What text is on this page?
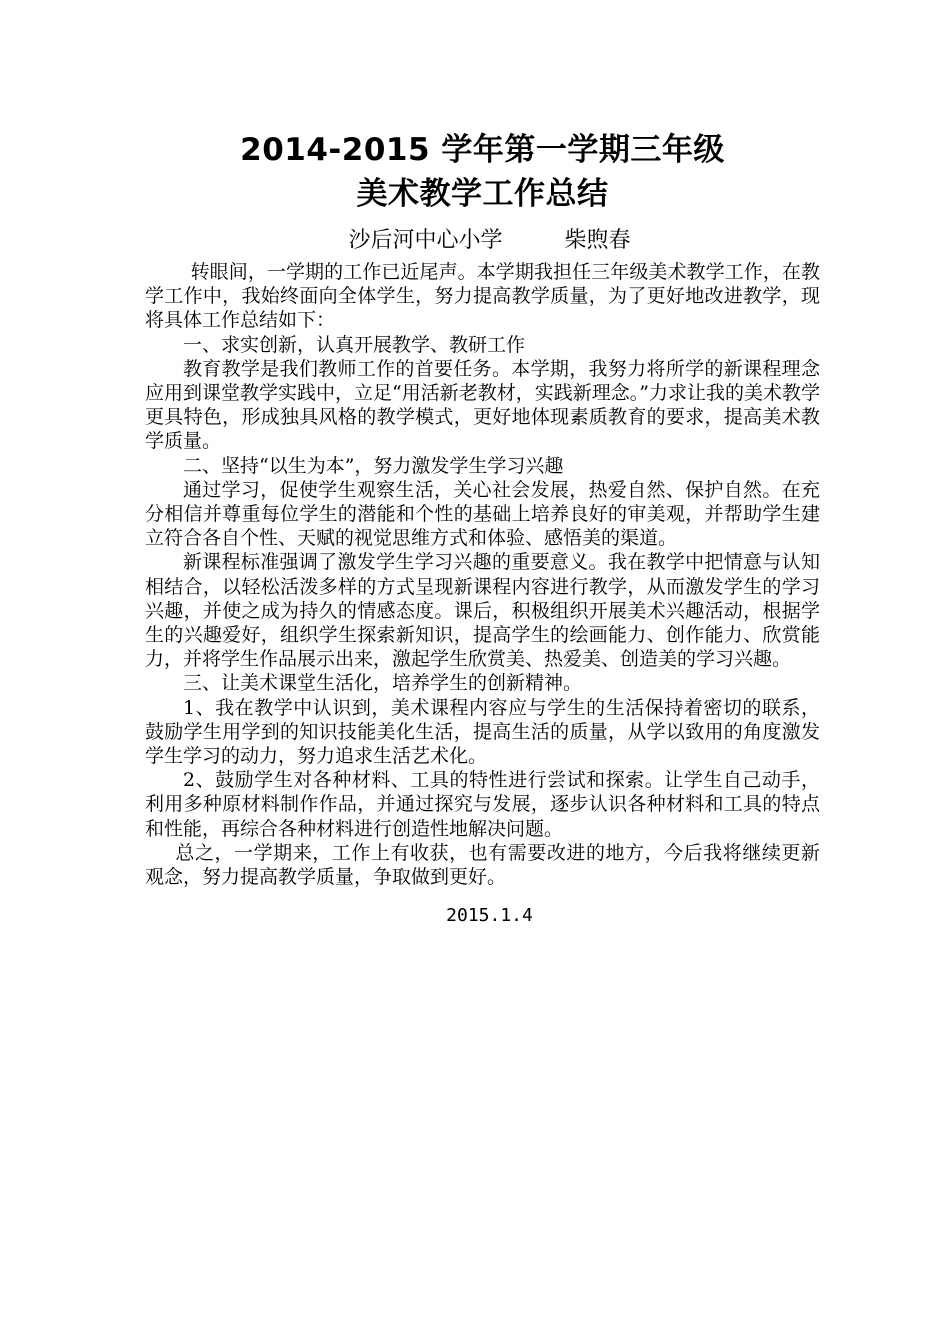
2014-2015 学年第一学期三年级
美术教学工作总结
沙后河中心小学	柴煦春

转眼间，一学期的工作已近尾声。本学期我担任三年级美术教学工作，在教学工作中，我始终面向全体学生，努力提高教学质量，为了更好地改进教学，现将具体工作总结如下：

一、求实创新，认真开展教学、教研工作

教育教学是我们教师工作的首要任务。本学期，我努力将所学的新课程理念应用到课堂教学实践中，立足“用活新老教材，实践新理念。”力求让我的美术教学更具特色，形成独具风格的教学模式，更好地体现素质教育的要求，提高美术教学质量。

二、坚持“以生为本”，努力激发学生学习兴趣

通过学习，促使学生观察生活，关心社会发展，热爱自然、保护自然。在充分相信并尊重每位学生的潜能和个性的基础上培养良好的审美观，并帮助学生建立符合各自个性、天赋的视觉思维方式和体验、感悟美的渠道。

新课程标准强调了激发学生学习兴趣的重要意义。我在教学中把情意与认知相结合，以轻松活泼多样的方式呈现新课程内容进行教学，从而激发学生的学习兴趣，并使之成为持久的情感态度。课后，积极组织开展美术兴趣活动，根据学生的兴趣爱好，组织学生探索新知识，提高学生的绘画能力、创作能力、欣赏能力，并将学生作品展示出来，激起学生欣赏美、热爱美、创造美的学习兴趣。

三、让美术课堂生活化，培养学生的创新精神。

1、我在教学中认识到，美术课程内容应与学生的生活保持着密切的联系，鼓励学生用学到的知识技能美化生活，提高生活的质量，从学以致用的角度激发学生学习的动力，努力追求生活艺术化。

2、鼓励学生对各种材料、工具的特性进行尝试和探索。让学生自己动手，利用多种原材料制作作品，并通过探究与发展，逐步认识各种材料和工具的特点和性能，再综合各种材料进行创造性地解决问题。

总之，一学期来，工作上有收获，也有需要改进的地方，今后我将继续更新观念，努力提高教学质量，争取做到更好。

2015.1.4
